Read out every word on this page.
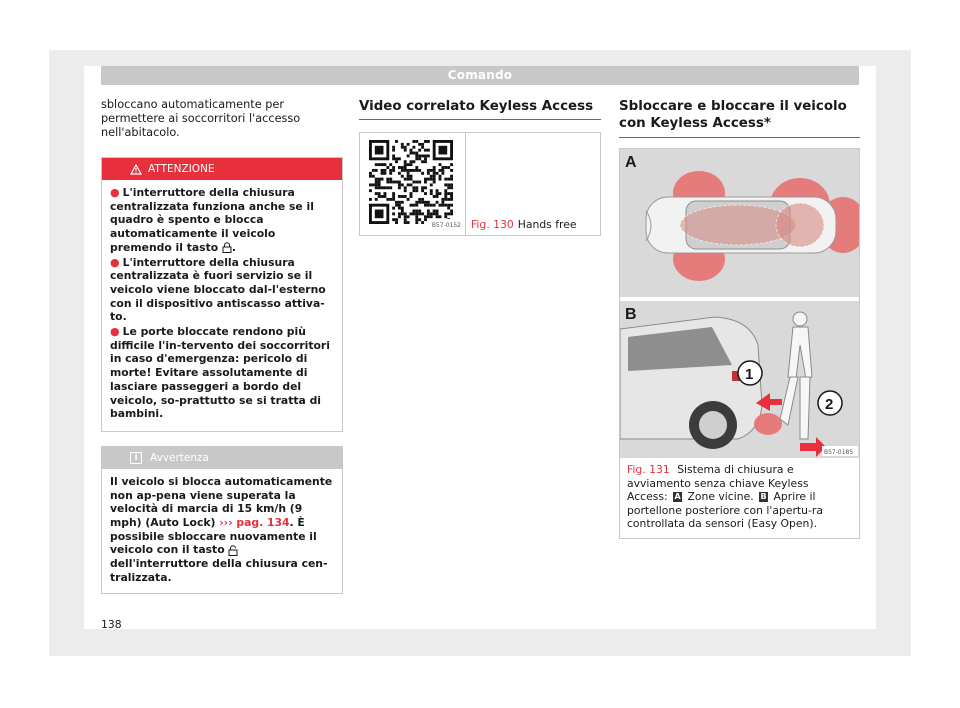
Comando

sbloccano automaticamente per permettere ai soccorritori l'accesso nell'abitacolo.

ATTENZIONE
● L'interruttore della chiusura centralizzata funziona anche se il quadro è spento e blocca automaticamente il veicolo premendo il tasto .
● L'interruttore della chiusura centralizzata è fuori servizio se il veicolo viene bloccato dal-l'esterno con il dispositivo antiscasso attiva-to.
● Le porte bloccate rendono più difficile l'in-tervento dei soccorritori in caso d'emergenza: pericolo di morte! Evitare assolutamente di lasciare passeggeri a bordo del veicolo, so-prattutto se si tratta di bambini.
i Avvertenza
Il veicolo si blocca automaticamente non ap-pena viene superata la velocità di marcia di 15 km/h (9 mph) (Auto Lock) ››› pag. 134. È possibile sbloccare nuovamente il veicolo con il tasto  dell'interruttore della chiusura cen-tralizzata.
Video correlato Keyless Access
B57-0152 Fig. 130 Hands free
Sbloccare e bloccare il veicolo con Keyless Access*
A
B
1
2
B57-0185
Fig. 131 Sistema di chiusura e avviamento senza chiave Keyless Access: A Zone vicine. B Aprire il portellone posteriore con l'apertu-ra controllata da sensori (Easy Open).
138
